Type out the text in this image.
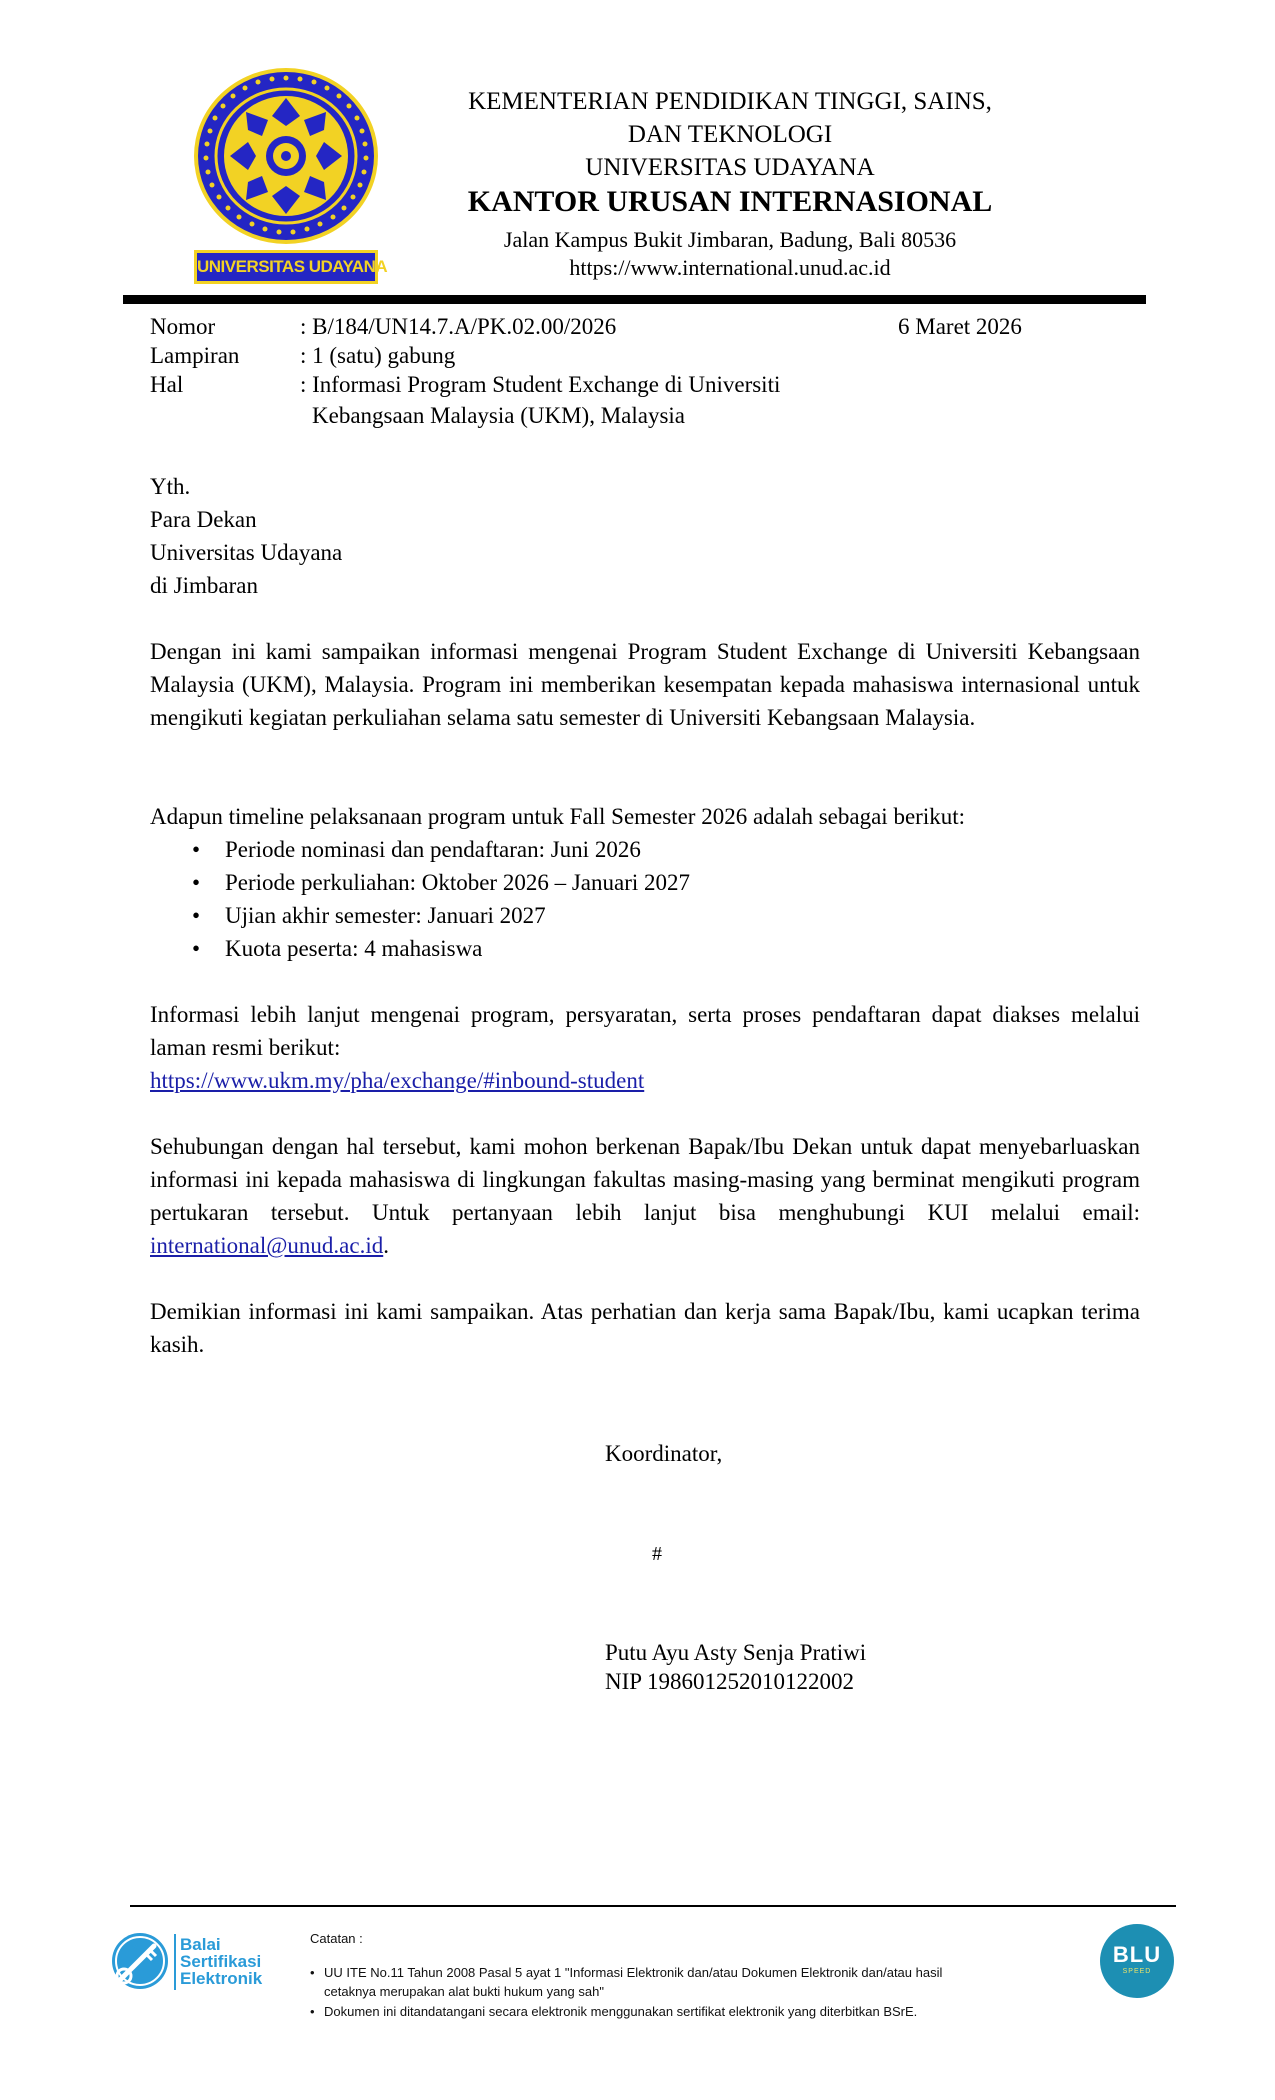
UNIVERSITAS UDAYANA
KEMENTERIAN PENDIDIKAN TINGGI, SAINS,
DAN TEKNOLOGI
UNIVERSITAS UDAYANA
KANTOR URUSAN INTERNASIONAL
Jalan Kampus Bukit Jimbaran, Badung, Bali 80536
https://www.international.unud.ac.id
Nomor	: B/184/UN14.7.A/PK.02.00/2026	6 Maret 2026
Lampiran	: 1 (satu) gabung
Hal	: Informasi Program Student Exchange di Universiti
Kebangsaan Malaysia (UKM), Malaysia
Yth.
Para Dekan
Universitas Udayana
di Jimbaran
Dengan ini kami sampaikan informasi mengenai Program Student Exchange di Universiti Kebangsaan Malaysia (UKM), Malaysia. Program ini memberikan kesempatan kepada mahasiswa internasional untuk mengikuti kegiatan perkuliahan selama satu semester di Universiti Kebangsaan Malaysia.
Adapun timeline pelaksanaan program untuk Fall Semester 2026 adalah sebagai berikut:
• Periode nominasi dan pendaftaran: Juni 2026
• Periode perkuliahan: Oktober 2026 – Januari 2027
• Ujian akhir semester: Januari 2027
• Kuota peserta: 4 mahasiswa
Informasi lebih lanjut mengenai program, persyaratan, serta proses pendaftaran dapat diakses melalui laman resmi berikut:
https://www.ukm.my/pha/exchange/#inbound-student
Sehubungan dengan hal tersebut, kami mohon berkenan Bapak/Ibu Dekan untuk dapat menyebarluaskan informasi ini kepada mahasiswa di lingkungan fakultas masing-masing yang berminat mengikuti program pertukaran tersebut. Untuk pertanyaan lebih lanjut bisa menghubungi KUI melalui email: international@unud.ac.id.
Demikian informasi ini kami sampaikan. Atas perhatian dan kerja sama Bapak/Ibu, kami ucapkan terima kasih.
Koordinator,
#
Putu Ayu Asty Senja Pratiwi
NIP 198601252010122002
Balai
Sertifikasi
Elektronik
Catatan :
• UU ITE No.11 Tahun 2008 Pasal 5 ayat 1 "Informasi Elektronik dan/atau Dokumen Elektronik dan/atau hasil
cetaknya merupakan alat bukti hukum yang sah"
• Dokumen ini ditandatangani secara elektronik menggunakan sertifikat elektronik yang diterbitkan BSrE.
BLU
SPEED
